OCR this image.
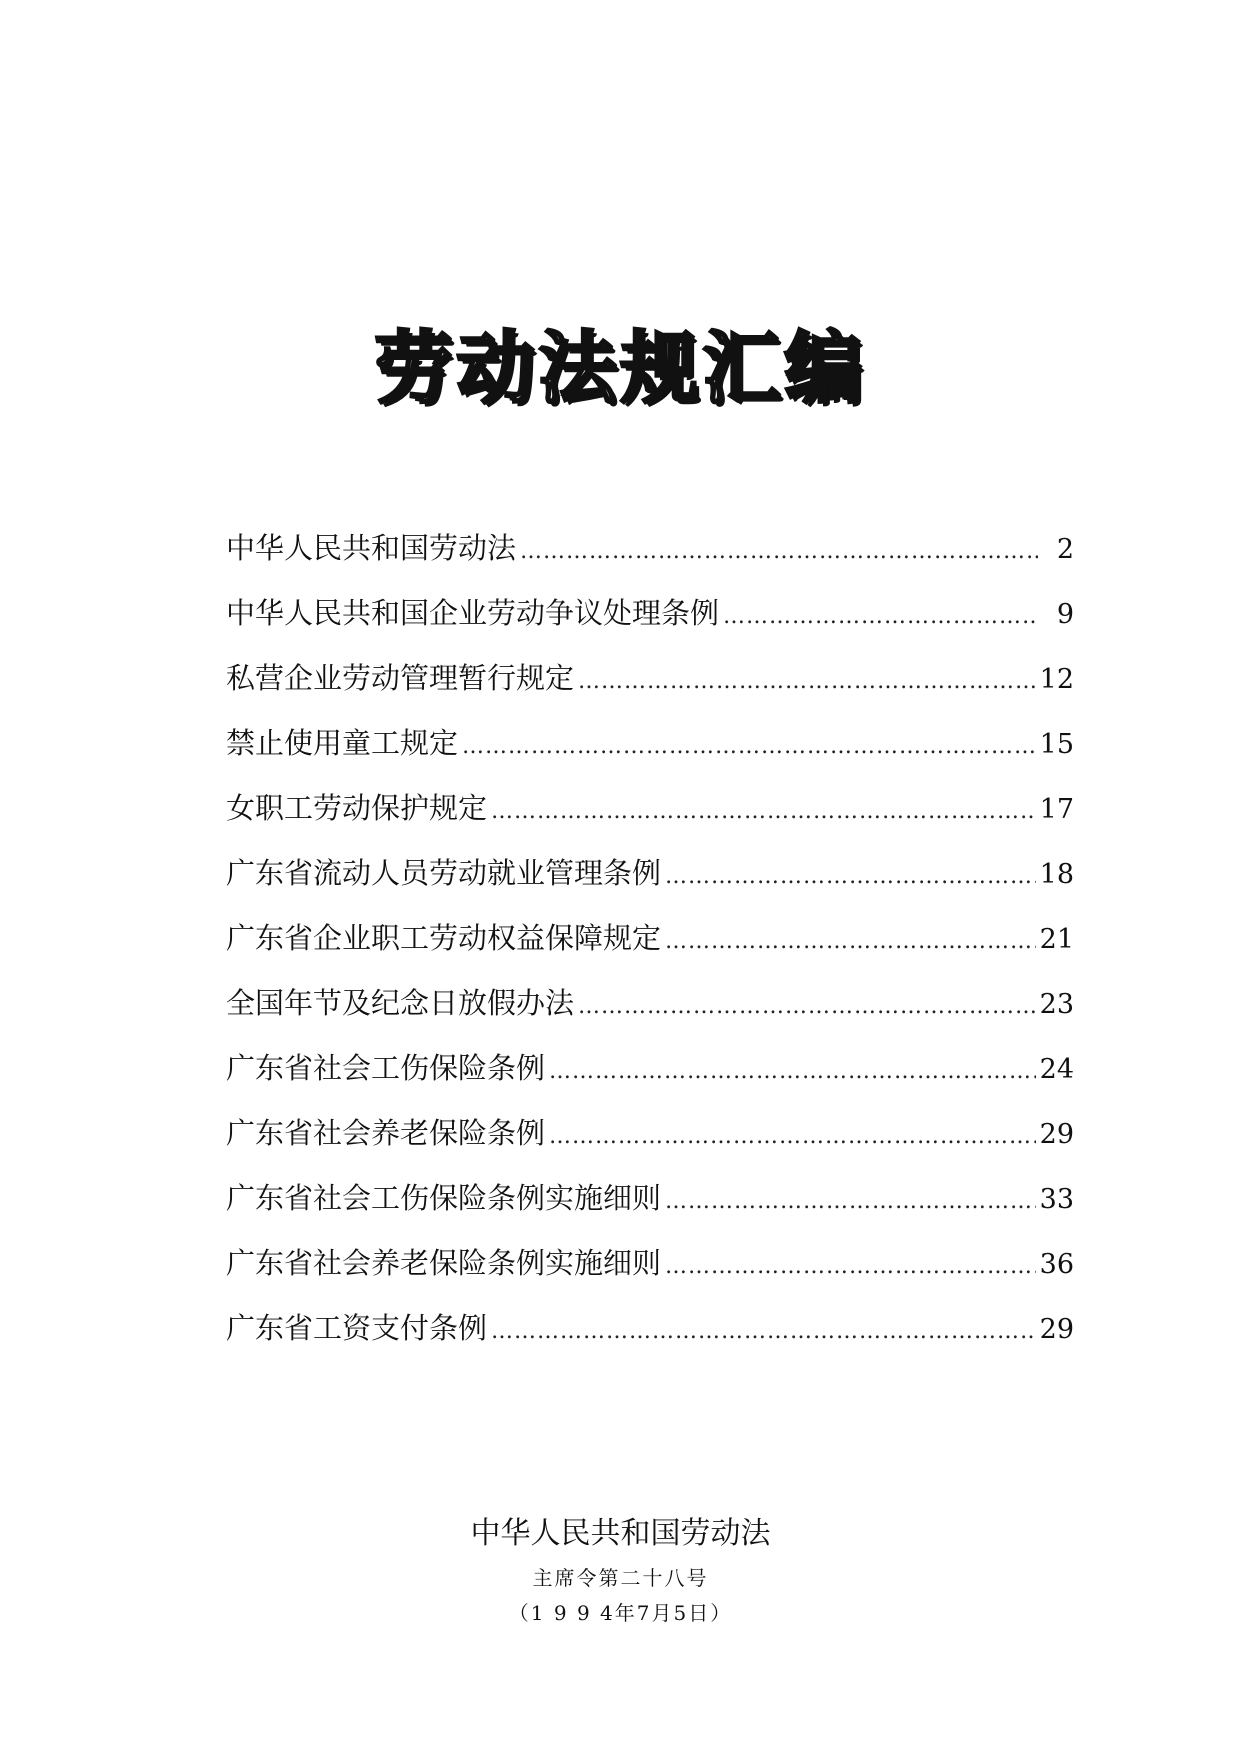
劳动法规汇编
中华人民共和国劳动法 ……………………………………………………………………………………………………………………………………………………………………	2
中华人民共和国企业劳动争议处理条例 ……………………………………………………………………………………………………………………………………………………………………	9
私营企业劳动管理暂行规定 ……………………………………………………………………………………………………………………………………………………………………	12
禁止使用童工规定 ……………………………………………………………………………………………………………………………………………………………………	15
女职工劳动保护规定 ……………………………………………………………………………………………………………………………………………………………………	17
广东省流动人员劳动就业管理条例 ……………………………………………………………………………………………………………………………………………………………………	18
广东省企业职工劳动权益保障规定 ……………………………………………………………………………………………………………………………………………………………………	21
全国年节及纪念日放假办法 ……………………………………………………………………………………………………………………………………………………………………	23
广东省社会工伤保险条例 ……………………………………………………………………………………………………………………………………………………………………	24
广东省社会养老保险条例 ……………………………………………………………………………………………………………………………………………………………………	29
广东省社会工伤保险条例实施细则 ……………………………………………………………………………………………………………………………………………………………………	33
广东省社会养老保险条例实施细则 ……………………………………………………………………………………………………………………………………………………………………	36
广东省工资支付条例 ……………………………………………………………………………………………………………………………………………………………………	29
中华人民共和国劳动法
主席令第二十八号
（1 9 9 4年7月5日）
